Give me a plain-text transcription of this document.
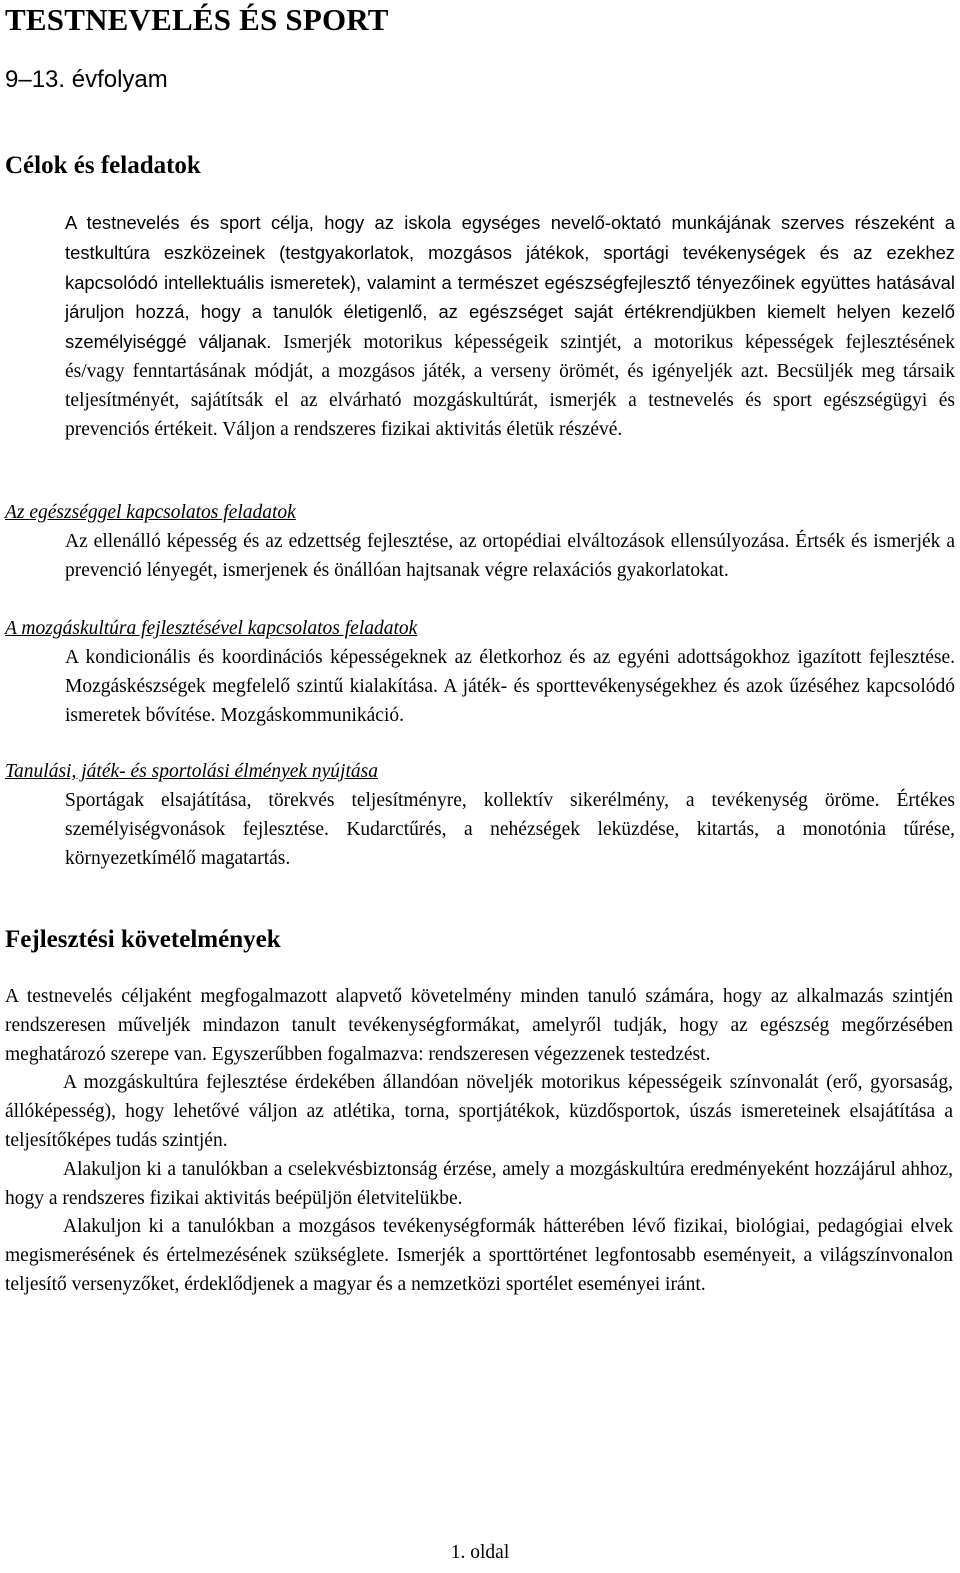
TESTNEVELÉS ÉS SPORT
9–13. évfolyam
Célok és feladatok

A testnevelés és sport célja, hogy az iskola egységes nevelő-oktató munkájának szerves részeként a testkultúra eszközeinek (testgyakorlatok, mozgásos játékok, sportági tevékenységek és az ezekhez kapcsolódó intellektuális ismeretek), valamint a természet egészségfejlesztő tényezőinek együttes hatásával járuljon hozzá, hogy a tanulók életigenlő, az egészséget saját értékrendjükben kiemelt helyen kezelő személyiséggé válјanak. Ismerjék motorikus képességeik szintjét, a motorikus képességek fejlesztésének és/vagy fenntartásának módját, a mozgásos játék, a verseny örömét, és igényeljék azt. Becsüljék meg társaik teljesítményét, sajátítsák el az elvárható mozgáskultúrát, ismerjék a testnevelés és sport egészségügyi és prevenciós értékeit. Váljon a rendszeres fizikai aktivitás életük részévé.

Az egészséggel kapcsolatos feladatok

Az ellenálló képesség és az edzettség fejlesztése, az ortopédiai elváltozások ellensúlyozása. Értsék és ismerjék a prevenció lényegét, ismerjenek és önállóan hajtsanak végre relaxációs gyakorlatokat.

A mozgáskultúra fejlesztésével kapcsolatos feladatok

A kondicionális és koordinációs képességeknek az életkorhoz és az egyéni adottságokhoz igazított fejlesztése. Mozgáskészségek megfelelő szintű kialakítása. A játék- és sporttevékenységekhez és azok űzéséhez kapcsolódó ismeretek bővítése. Mozgáskommunikáció.

Tanulási, játék- és sportolási élmények nyújtása

Sportágak elsajátítása, törekvés teljesítményre, kollektív sikerélmény, a tevékenység öröme. Értékes személyiségvonások fejlesztése. Kudarctűrés, a nehézségek leküzdése, kitartás, a monotónia tűrése, környezetkímélő magatartás.

Fejlesztési követelmények

A testnevelés céljaként megfogalmazott alapvető követelmény minden tanuló számára, hogy az alkalmazás szintjén rendszeresen művеljék mindazon tanult tevékenységformákat, amelyről tudják, hogy az egészség megőrzésében meghatározó szerepe van. Egyszerűbben fogalmazva: rendszeresen végezzenek testedzést.

A mozgáskultúra fejlesztése érdekében állandóan növeljék motorikus képességeik színvonalát (erő, gyorsaság, állóképesség), hogy lehetővé váljon az atlétika, torna, sportjátékok, küzdősportok, úszás ismereteinek elsajátítása a teljesítőképes tudás szintjén.

Alakuljon ki a tanulókban a cselekvésbiztonság érzése, amely a mozgáskultúra eredményeként hozzájárul ahhoz, hogy a rendszeres fizikai aktivitás beépüljön életvitelükbe.

Alakuljon ki a tanulókban a mozgásos tevékenységformák hátterében lévő fizikai, biológiai, pedagógiai elvek megismerésének és értelmezésének szükséglete. Ismerjék a sporttörténet legfontosabb eseményeit, a világszínvonalon teljesítő versenyzőket, érdeklődjenek a magyar és a nemzetközi sportélet eseményei iránt.

1. oldal
